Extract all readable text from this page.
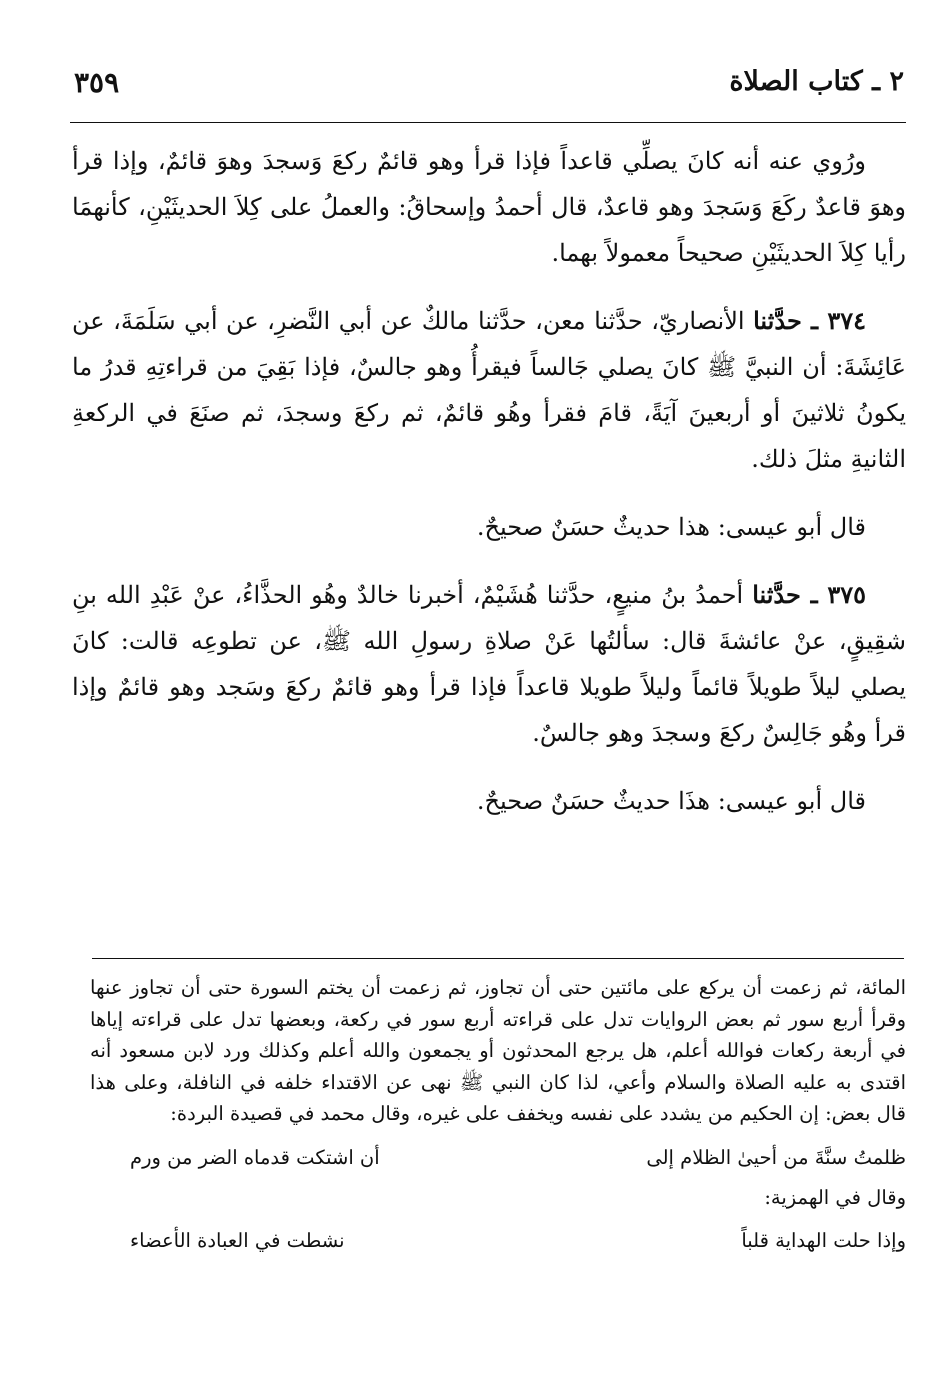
٢ ـ كتاب الصلاة
٣٥٩

ورُوي عنه أنه كانَ يصلِّي قاعداً فإذا قرأ وهو قائمٌ ركعَ وَسجدَ وهوَ قائمٌ، وإذا قرأ وهوَ قاعدٌ ركَعَ وَسَجدَ وهو قاعدٌ، قال أحمدُ وإسحاقُ: والعملُ على كِلاَ الحديثَيْنِ، كأنهمَا رأيا كِلاَ الحديثَيْنِ صحيحاً معمولاً بهما.

٣٧٤ ـ حدَّثنا الأنصاريّ، حدَّثنا معن، حدَّثنا مالكٌ عن أبي النَّضرِ، عن أبي سَلَمَةَ، عن عَائِشَةَ: أن النبيَّ ﷺ كانَ يصلي جَالساً فيقرأُ وهو جالسٌ، فإذا بَقِيَ من قراءتِهِ قدرُ ما يكونُ ثلاثينَ أو أربعينَ آيَةً، قامَ فقرأ وهُو قائمٌ، ثم ركعَ وسجدَ، ثم صنَعَ في الركعةِ الثانيةِ مثلَ ذلك.

قال أبو عيسى: هذا حديثٌ حسَنٌ صحيحٌ.

٣٧٥ ـ حدَّثنا أحمدُ بنُ منيعٍ، حدَّثنا هُشَيْمٌ، أخبرنا خالدٌ وهُو الحذَّاءُ، عنْ عَبْدِ الله بنِ شقِيقٍ، عنْ عائشةَ قال: سألتُها عَنْ صلاةِ رسولِ الله ﷺ، عن تطوعِه قالت: كانَ يصلي ليلاً طويلاً قائماً وليلاً طويلا قاعداً فإذا قرأ وهو قائمٌ ركعَ وسَجد وهو قائمٌ وإذا قرأ وهُو جَالِسٌ ركعَ وسجدَ وهو جالسٌ.

قال أبو عيسى: هذَا حديثٌ حسَنٌ صحيحٌ.

المائة، ثم زعمت أن يركع على مائتين حتى أن تجاوز، ثم زعمت أن يختم السورة حتى أن تجاوز عنها وقرأ أربع سور ثم بعض الروايات تدل على قراءته أربع سور في ركعة، وبعضها تدل على قراءته إياها في أربعة ركعات فوالله أعلم، هل يرجع المحدثون أو يجمعون والله أعلم وكذلك ورد لابن مسعود أنه اقتدى به عليه الصلاة والسلام وأعي، لذا كان النبي ﷺ نهى عن الاقتداء خلفه في النافلة، وعلى هذا قال بعض: إن الحكيم من يشدد على نفسه ويخفف على غيره، وقال محمد في قصيدة البردة:

ظلمتُ سنَّةَ من أحيىٰ الظلام إلى
أن اشتكت قدماه الضر من ورم

وقال في الهمزية:

وإذا حلت الهداية قلباً
نشطت في العبادة الأعضاء
